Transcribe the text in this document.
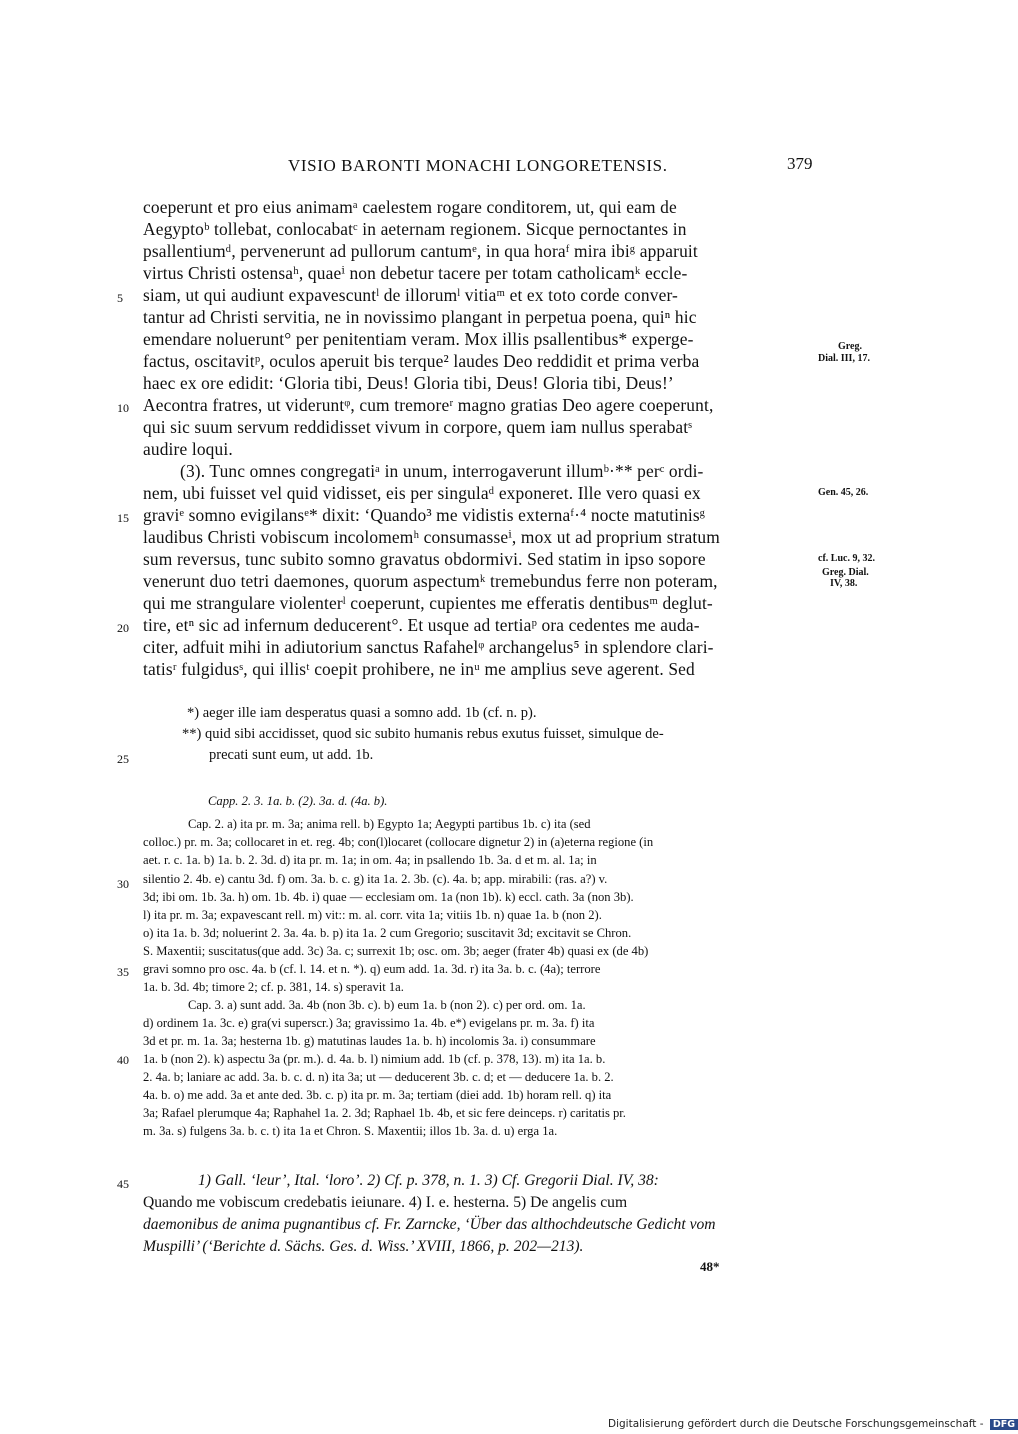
VISIO BARONTI MONACHI LONGORETENSIS.	379
coeperunt et pro eius animamᵃ caelestem rogare conditorem, ut, qui eam de
Aegyptoᵇ tollebat, conlocabatᶜ in aeternam regionem. Sicque pernoctantes in
psallentiumᵈ, pervenerunt ad pullorum cantumᵉ, in qua horaᶠ mira ibiᵍ apparuit
virtus Christi ostensaʰ, quaeⁱ non debetur tacere per totam catholicamᵏ eccle-
siam, ut qui audiunt expavescuntˡ de illorumˡ vitiaᵐ et ex toto corde conver-
tantur ad Christi servitia, ne in novissimo plangant in perpetua poena, quiⁿ hic
emendare noluerunt° per penitentiam veram. Mox illis psallentibus* experge-
factus, oscitavitᵖ, oculos aperuit bis terque² laudes Deo reddidit et prima verba
haec ex ore edidit: ‘Gloria tibi, Deus! Gloria tibi, Deus! Gloria tibi, Deus!’
Aecontra fratres, ut videruntᵠ, cum tremoreʳ magno gratias Deo agere coeperunt,
qui sic suum servum reddidisset vivum in corpore, quem iam nullus sperabatˢ
audire loqui.
(3). Tunc omnes congregatiᵃ in unum, interrogaverunt illumᵇ·** perᶜ ordi-
nem, ubi fuisset vel quid vidisset, eis per singulaᵈ exponeret. Ille vero quasi ex
graviᵉ somno evigilansᵉ* dixit: ‘Quando³ me vidistis externaᶠ·⁴ nocte matutinisᵍ
laudibus Christi vobiscum incolomemʰ consumasseⁱ, mox ut ad proprium stratum
sum reversus, tunc subito somno gravatus obdormivi. Sed statim in ipso sopore
venerunt duo tetri daemones, quorum aspectumᵏ tremebundus ferre non poteram,
qui me strangulare violenterˡ coeperunt, cupientes me efferatis dentibusᵐ deglut-
tire, etⁿ sic ad infernum deducerent°. Et usque ad tertiaᵖ ora cedentes me auda-
citer, adfuit mihi in adiutorium sanctus Rafahelᵠ archangelus⁵ in splendore clari-
tatisʳ fulgidusˢ, qui illisᵗ coepit prohibere, ne inᵘ me amplius seve agerent. Sed
5
10
15
20
25
30
35
40
45
Greg.
Dial. III, 17.
Gen. 45, 26.
cf. Luc. 9, 32.
Greg. Dial.
IV, 38.
*) aeger ille iam desperatus quasi a somno add. 1b (cf. n. p).
**) quid sibi accidisset, quod sic subito humanis rebus exutus fuisset, simulque de-
precati sunt eum, ut add. 1b.
Capp. 2. 3. 1a. b. (2). 3a. d. (4a. b).
Cap. 2. a) ita pr. m. 3a; anima rell. b) Egypto 1a; Aegypti partibus 1b. c) ita (sed
colloc.) pr. m. 3a; collocaret in et. reg. 4b; con(l)locaret (collocare dignetur 2) in (a)eterna regione (in
aet. r. c. 1a. b) 1a. b. 2. 3d. d) ita pr. m. 1a; in om. 4a; in psallendo 1b. 3a. d et m. al. 1a; in
silentio 2. 4b. e) cantu 3d. f) om. 3a. b. c. g) ita 1a. 2. 3b. (c). 4a. b; app. mirabili: (ras. a?) v.
3d; ibi om. 1b. 3a. h) om. 1b. 4b. i) quae — ecclesiam om. 1a (non 1b). k) eccl. cath. 3a (non 3b).
l) ita pr. m. 3a; expavescant rell. m) vit:: m. al. corr. vita 1a; vitiis 1b. n) quae 1a. b (non 2).
o) ita 1a. b. 3d; noluerint 2. 3a. 4a. b. p) ita 1a. 2 cum Gregorio; suscitavit 3d; excitavit se Chron.
S. Maxentii; suscitatus(que add. 3c) 3a. c; surrexit 1b; osc. om. 3b; aeger (frater 4b) quasi ex (de 4b)
gravi somno pro osc. 4a. b (cf. l. 14. et n. *). q) eum add. 1a. 3d. r) ita 3a. b. c. (4a); terrore
1a. b. 3d. 4b; timore 2; cf. p. 381, 14. s) speravit 1a.
Cap. 3. a) sunt add. 3a. 4b (non 3b. c). b) eum 1a. b (non 2). c) per ord. om. 1a.
d) ordinem 1a. 3c. e) gra(vi superscr.) 3a; gravissimo 1a. 4b. e*) evigelans pr. m. 3a. f) ita
3d et pr. m. 1a. 3a; hesterna 1b. g) matutinas laudes 1a. b. h) incolomis 3a. i) consummare
1a. b (non 2). k) aspectu 3a (pr. m.). d. 4a. b. l) nimium add. 1b (cf. p. 378, 13). m) ita 1a. b.
2. 4a. b; laniare ac add. 3a. b. c. d. n) ita 3a; ut — deducerent 3b. c. d; et — deducere 1a. b. 2.
4a. b. o) me add. 3a et ante ded. 3b. c. p) ita pr. m. 3a; tertiam (diei add. 1b) horam rell. q) ita
3a; Rafael plerumque 4a; Raphahel 1a. 2. 3d; Raphael 1b. 4b, et sic fere deinceps. r) caritatis pr.
m. 3a. s) fulgens 3a. b. c. t) ita 1a et Chron. S. Maxentii; illos 1b. 3a. d. u) erga 1a.
1) Gall. ‘leur’, Ital. ‘loro’. 2) Cf. p. 378, n. 1. 3) Cf. Gregorii Dial. IV, 38:
Quando me vobiscum credebatis ieiunare. 4) I. e. hesterna. 5) De angelis cum
daemonibus de anima pugnantibus cf. Fr. Zarncke, ‘Über das althochdeutsche Gedicht vom
Muspilli’ (‘Berichte d. Sächs. Ges. d. Wiss.’ XVIII, 1866, p. 202—213).
48*
Digitalisierung gefördert durch die Deutsche Forschungsgemeinschaft - DFG
